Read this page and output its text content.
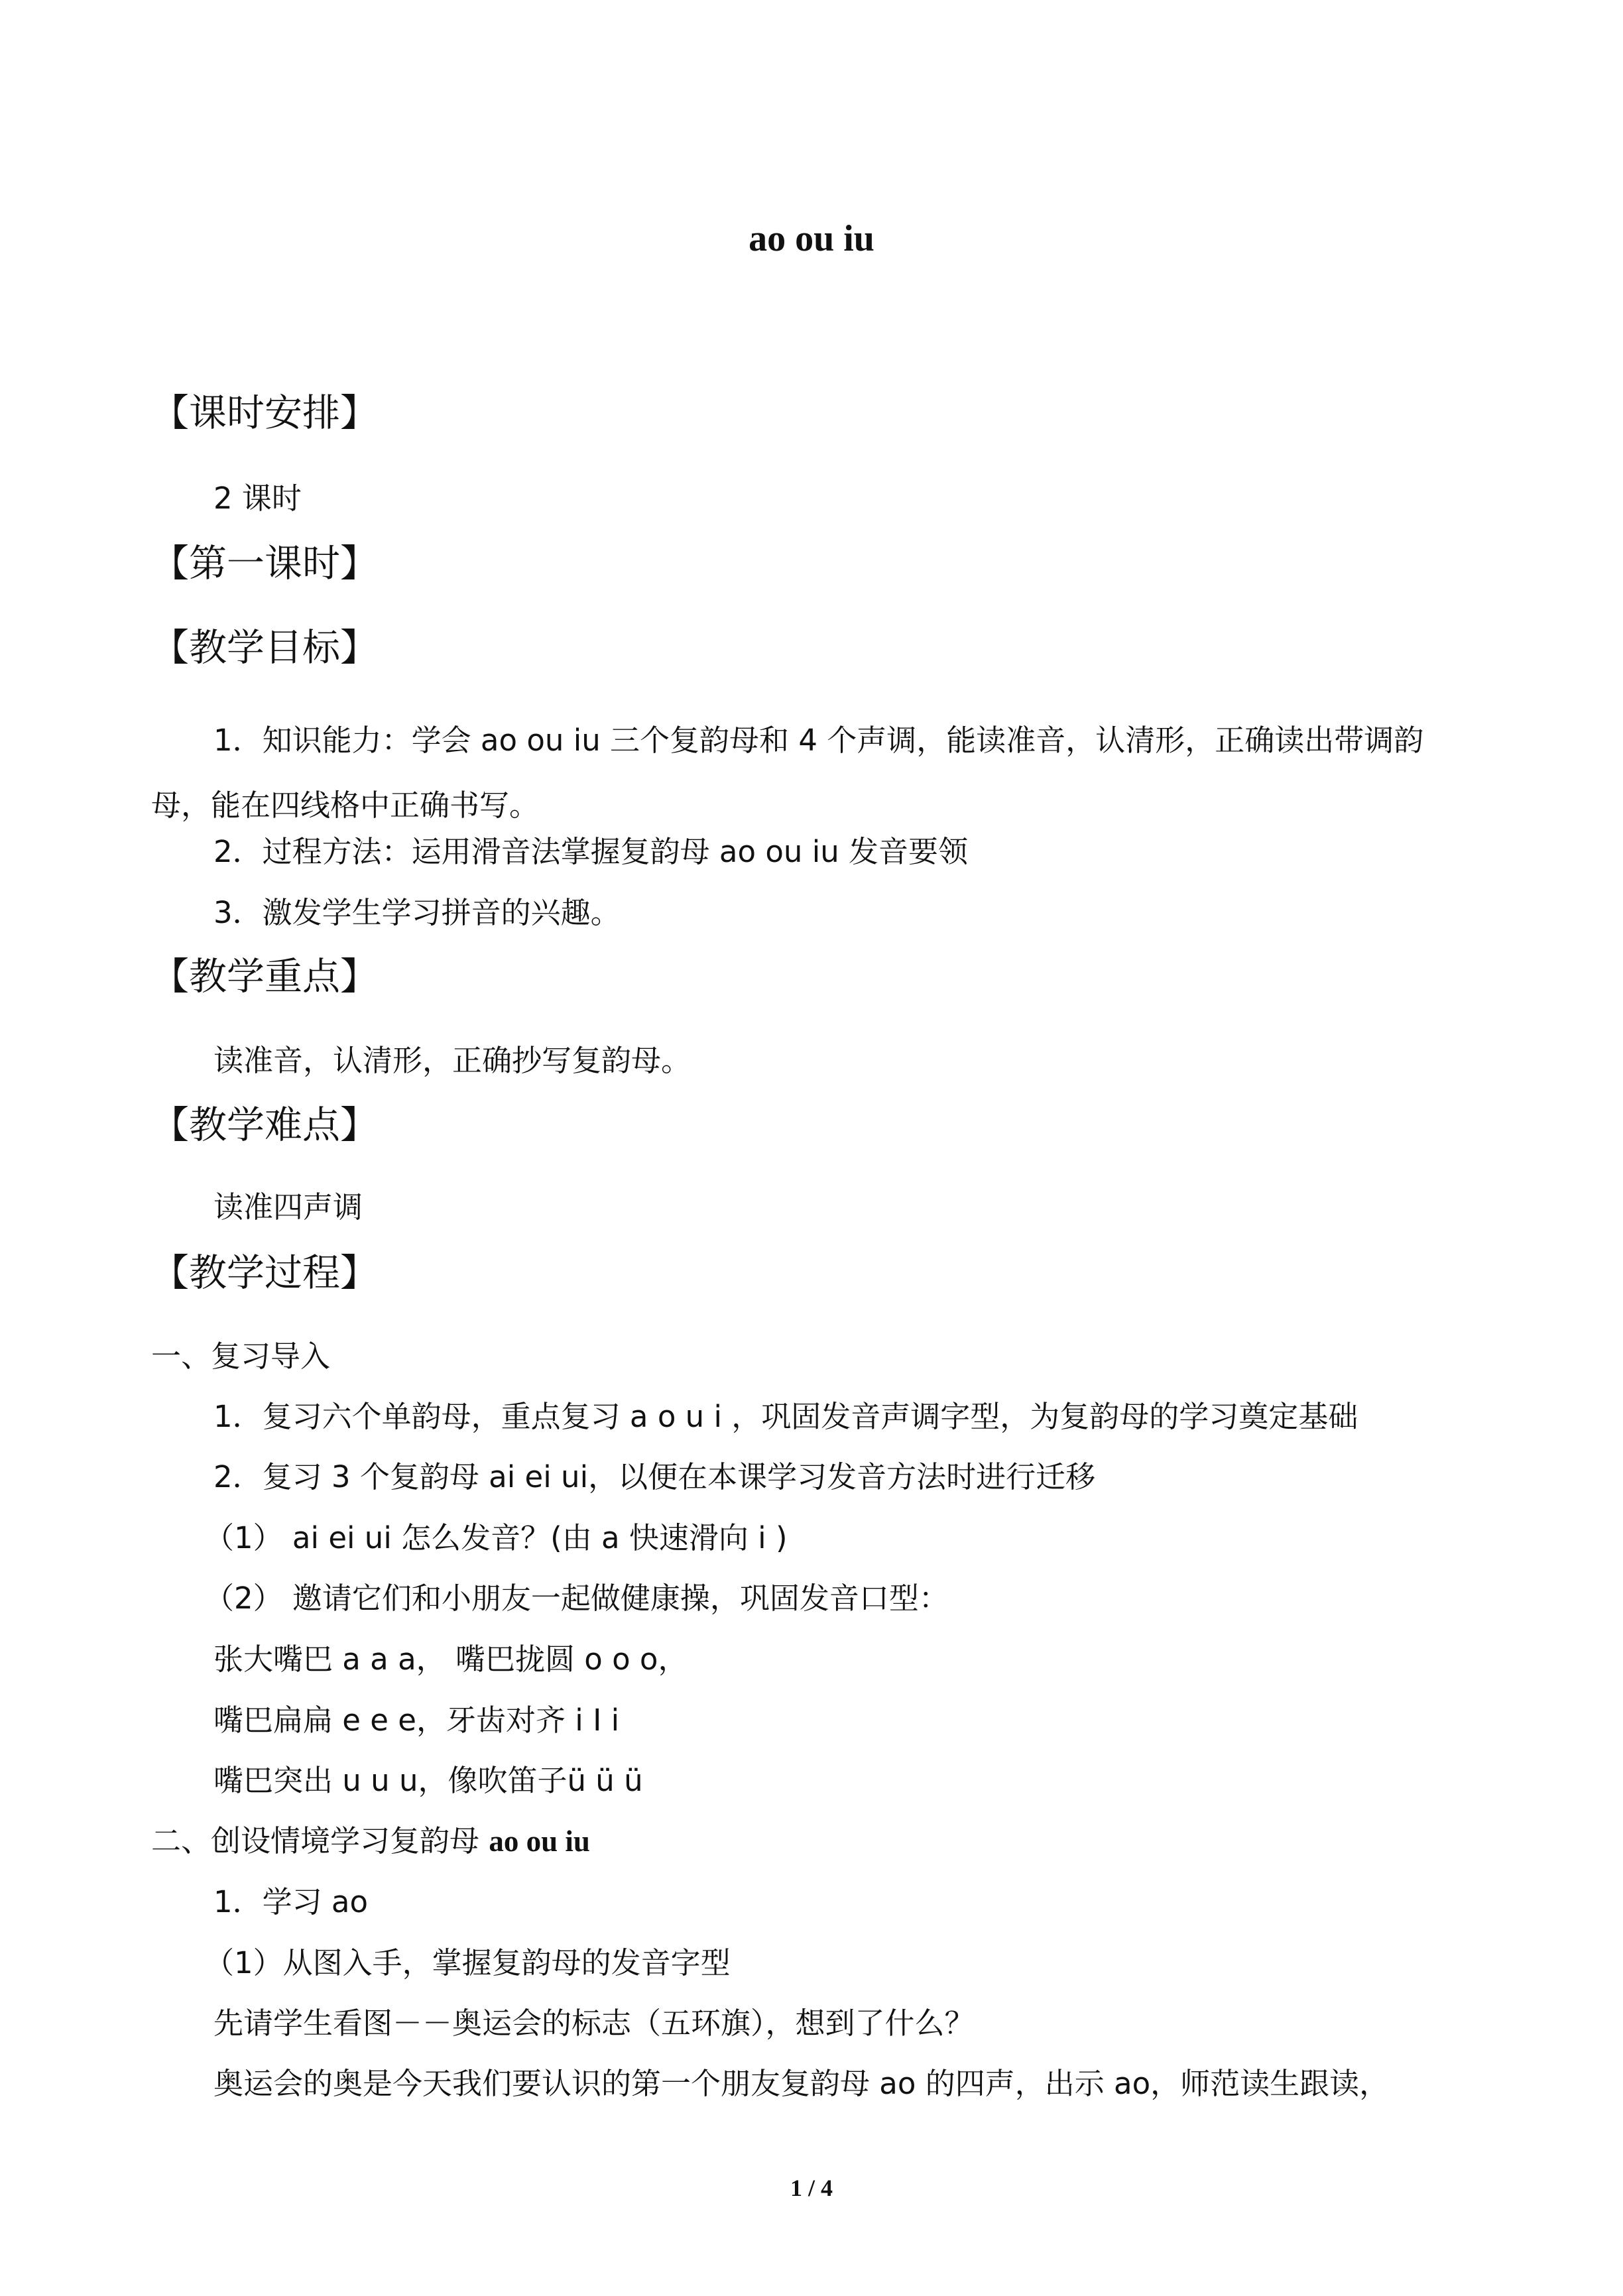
ao ou iu

【课时安排】

2 课时

【第一课时】

【教学目标】

1．知识能力：学会 ao ou iu 三个复韵母和 4 个声调，能读准音，认清形，正确读出带调韵母，能在四线格中正确书写。

2．过程方法：运用滑音法掌握复韵母 ao ou iu 发音要领

3．激发学生学习拼音的兴趣。

【教学重点】

读准音，认清形，正确抄写复韵母。

【教学难点】

读准四声调

【教学过程】

一、复习导入

1．复习六个单韵母，重点复习 a o u i ，巩固发音声调字型，为复韵母的学习奠定基础

2．复习 3 个复韵母 ai ei ui，以便在本课学习发音方法时进行迁移

（1） ai ei ui 怎么发音？(由 a 快速滑向 i )

（2） 邀请它们和小朋友一起做健康操，巩固发音口型：

张大嘴巴 a a a， 嘴巴拢圆 o o o，

嘴巴扁扁 e e e，牙齿对齐 i I i

嘴巴突出 u u u，像吹笛子ü ü ü

二、创设情境学习复韵母 ao ou iu

1．学习 ao

（1）从图入手，掌握复韵母的发音字型

先请学生看图－－奥运会的标志（五环旗），想到了什么？

奥运会的奥是今天我们要认识的第一个朋友复韵母 ao 的四声，出示 ao，师范读生跟读，

1 / 4
